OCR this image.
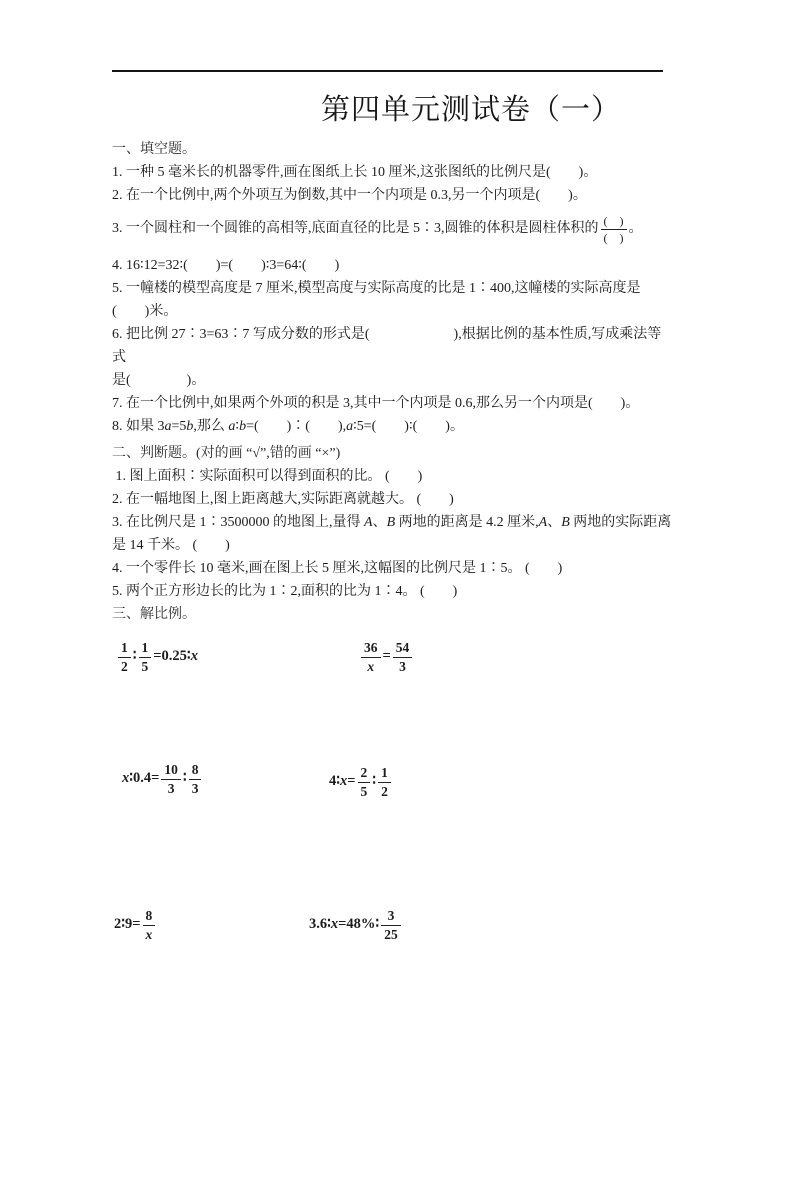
第四单元测试卷（一）
一、填空题。
1. 一种 5 毫米长的机器零件,画在图纸上长 10 厘米,这张图纸的比例尺是(　　)。
2. 在一个比例中,两个外项互为倒数,其中一个内项是 0.3,另一个内项是(　　)。
3. 一个圆柱和一个圆锥的高相等,底面直径的比是 5∶3,圆锥的体积是圆柱体积的 $\frac{( )}{( )}$ 。
4. 16∶12=32∶(　　)=(　　)∶3=64∶(　　)
5. 一幢楼的模型高度是 7 厘米,模型高度与实际高度的比是 1∶400,这幢楼的实际高度是
(　　)米。
6. 把比例 27∶3=63∶7 写成分数的形式是(　　　　　　),根据比例的基本性质,写成乘法等式
是(　　　　)。
7. 在一个比例中,如果两个外项的积是 3,其中一个内项是 0.6,那么另一个内项是(　　)。
8. 如果 3a=5b,那么 a∶b=(　　)∶(　　),a∶5=(　　)∶(　　)。
二、判断题。(对的画 “√”,错的画 “×”)
1. 图上面积∶实际面积可以得到面积的比。 (　　)
2. 在一幅地图上,图上距离越大,实际距离就越大。 (　　)
3. 在比例尺是 1∶3500000 的地图上,量得 A、B 两地的距离是 4.2 厘米,A、B 两地的实际距离
是 14 千米。 (　　)
4. 一个零件长 10 毫米,画在图上长 5 厘米,这幅图的比例尺是 1∶5。 (　　)
5. 两个正方形边长的比为 1∶2,面积的比为 1∶4。 (　　)
三、解比例。
$\frac{1}{2}$ ∶ $\frac{1}{5}$ =0.25∶x	$\frac{36}{x} = \frac{54}{3}$
x∶0.4= $\frac{10}{3}$ ∶ $\frac{8}{3}$	4∶x= $\frac{2}{5}$ ∶ $\frac{1}{2}$
2∶9= $\frac{8}{x}$	3.6∶x=48%∶ $\frac{3}{25}$
